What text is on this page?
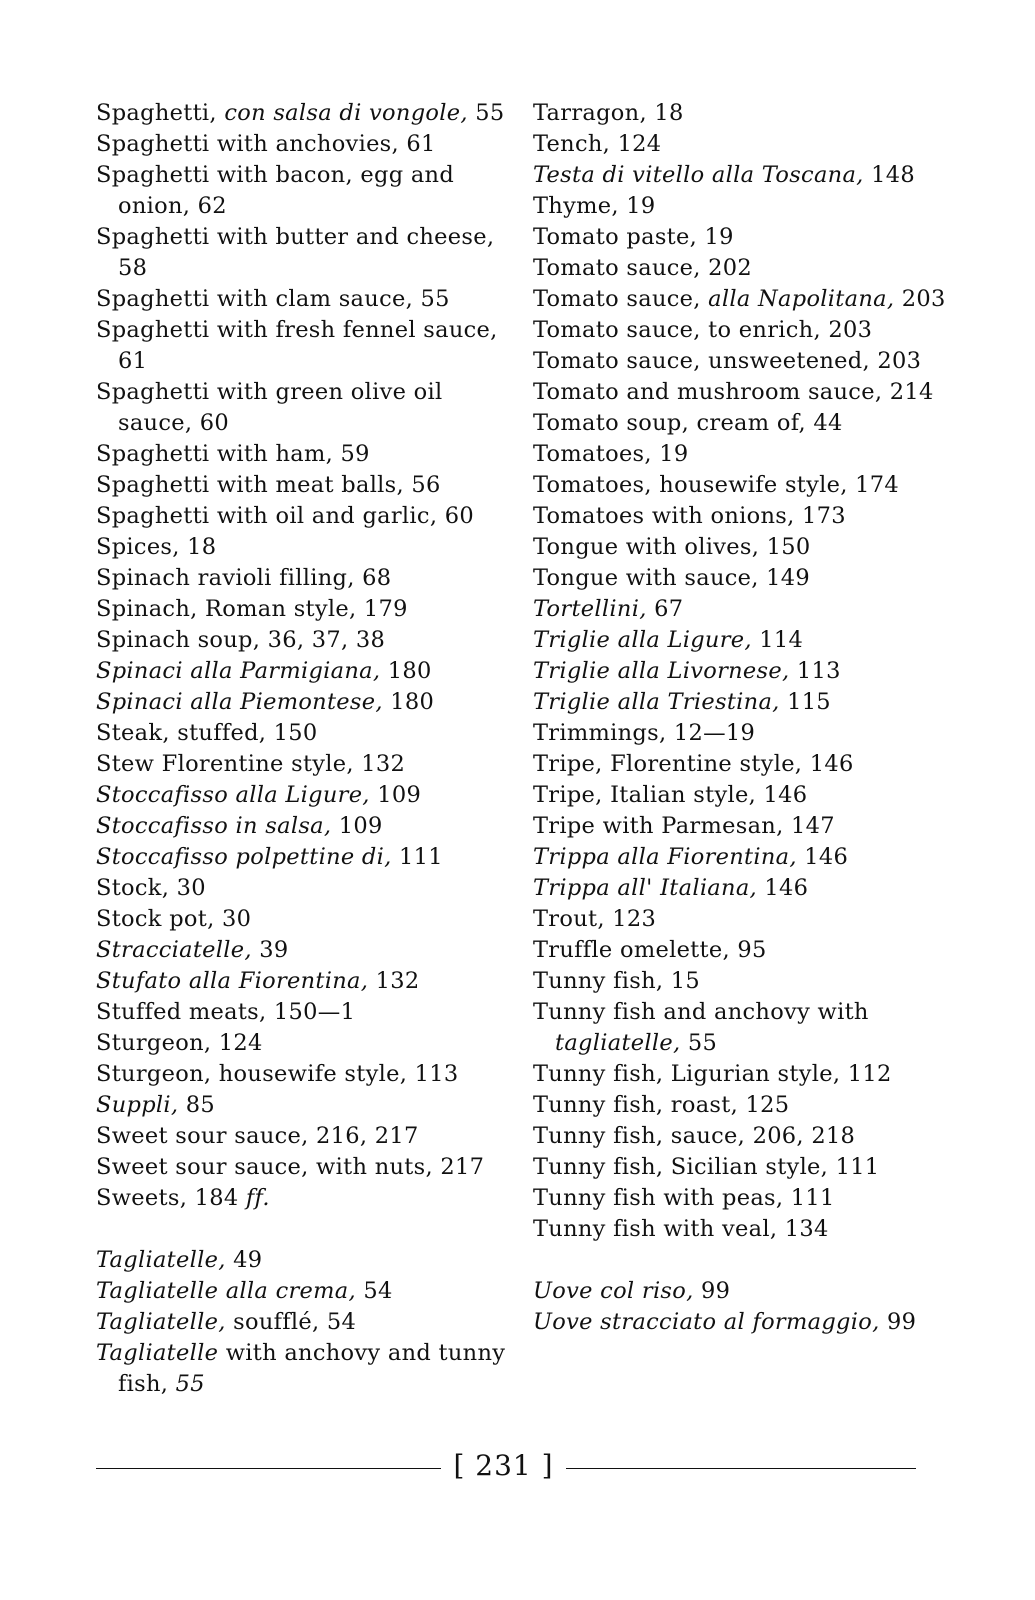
Spaghetti, con salsa di vongole, 55
Spaghetti with anchovies, 61
Spaghetti with bacon, egg and onion, 62
Spaghetti with butter and cheese, 58
Spaghetti with clam sauce, 55
Spaghetti with fresh fennel sauce, 61
Spaghetti with green olive oil sauce, 60
Spaghetti with ham, 59
Spaghetti with meat balls, 56
Spaghetti with oil and garlic, 60
Spices, 18
Spinach ravioli filling, 68
Spinach, Roman style, 179
Spinach soup, 36, 37, 38
Spinaci alla Parmigiana, 180
Spinaci alla Piemontese, 180
Steak, stuffed, 150
Stew Florentine style, 132
Stoccafisso alla Ligure, 109
Stoccafisso in salsa, 109
Stoccafisso polpettine di, 111
Stock, 30
Stock pot, 30
Stracciatelle, 39
Stufato alla Fiorentina, 132
Stuffed meats, 150—1
Sturgeon, 124
Sturgeon, housewife style, 113
Suppli, 85
Sweet sour sauce, 216, 217
Sweet sour sauce, with nuts, 217
Sweets, 184 ff.
Tagliatelle, 49
Tagliatelle alla crema, 54
Tagliatelle, soufflé, 54
Tagliatelle with anchovy and tunny fish, 55
Tarragon, 18
Tench, 124
Testa di vitello alla Toscana, 148
Thyme, 19
Tomato paste, 19
Tomato sauce, 202
Tomato sauce, alla Napolitana, 203
Tomato sauce, to enrich, 203
Tomato sauce, unsweetened, 203
Tomato and mushroom sauce, 214
Tomato soup, cream of, 44
Tomatoes, 19
Tomatoes, housewife style, 174
Tomatoes with onions, 173
Tongue with olives, 150
Tongue with sauce, 149
Tortellini, 67
Triglie alla Ligure, 114
Triglie alla Livornese, 113
Triglie alla Triestina, 115
Trimmings, 12—19
Tripe, Florentine style, 146
Tripe, Italian style, 146
Tripe with Parmesan, 147
Trippa alla Fiorentina, 146
Trippa all' Italiana, 146
Trout, 123
Truffle omelette, 95
Tunny fish, 15
Tunny fish and anchovy with tagliatelle, 55
Tunny fish, Ligurian style, 112
Tunny fish, roast, 125
Tunny fish, sauce, 206, 218
Tunny fish, Sicilian style, 111
Tunny fish with peas, 111
Tunny fish with veal, 134
Uove col riso, 99
Uove stracciato al formaggio, 99
[ 231 ]
